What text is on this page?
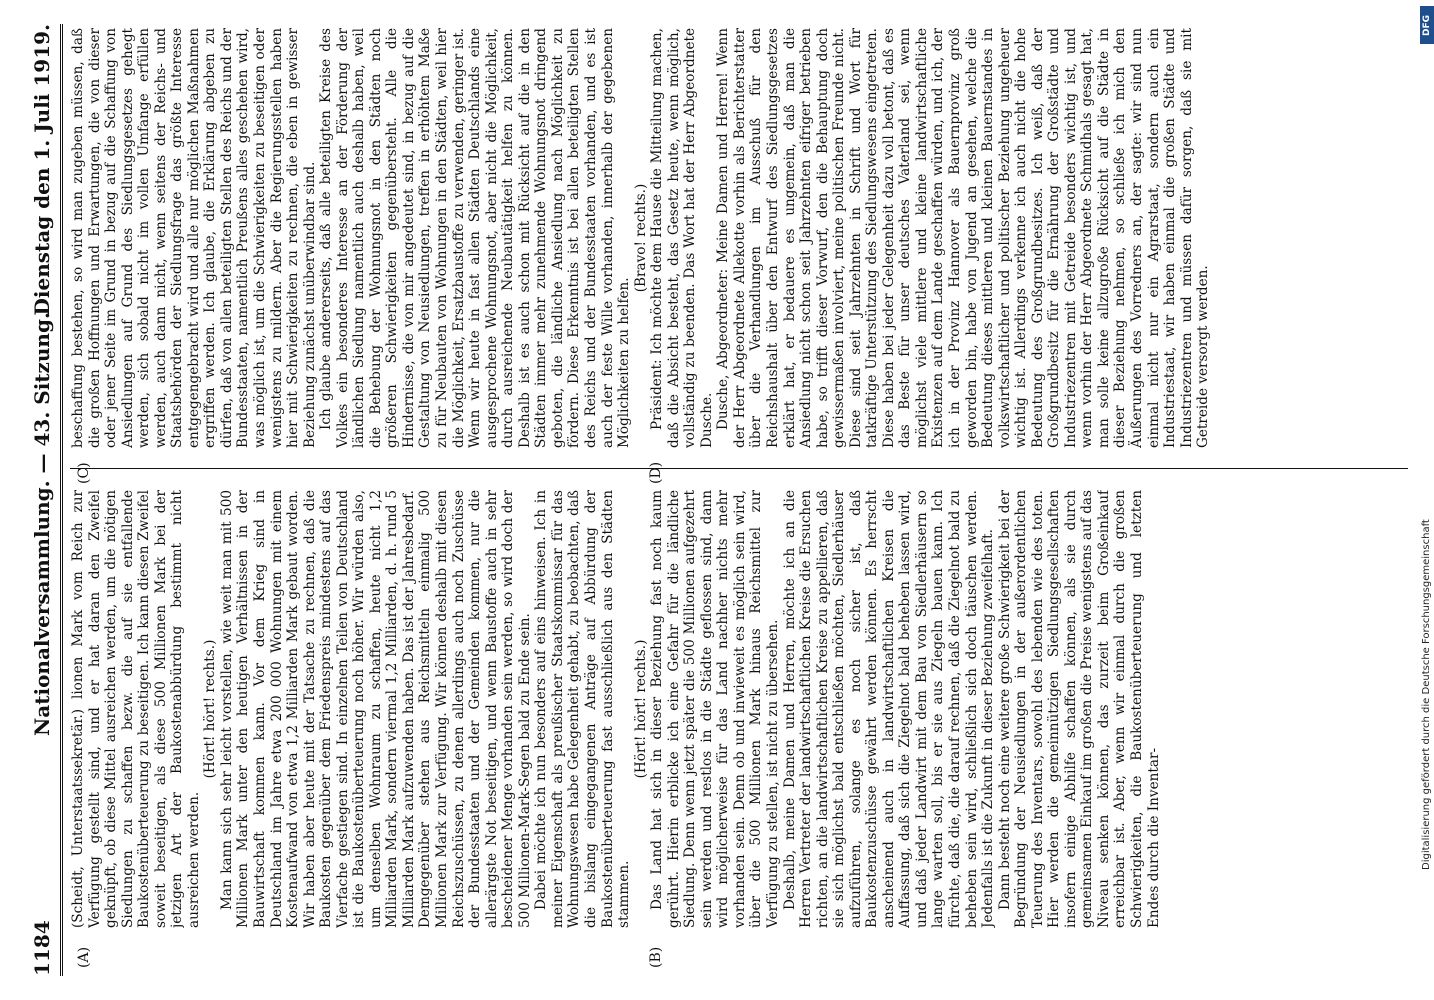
1184
Nationalversammlung. — 43. Sitzung.
Dienstag den 1. Juli 1919.
(A)	(B)
(C)	(D)

(Scheidt, Unterstaatssekretär.) lionen Mark vom Reich zur Verfügung gestellt sind, und er hat daran den Zweifel geknüpft, ob diese Mittel ausreichen werden, um die nötigen Siedlungen zu schaffen bezw. die auf sie entfallende Baukostenüberteuerung zu beseitigen. Ich kann diesen Zweifel soweit beseitigen, als diese 500 Millionen Mark bei der jetzigen Art der Baukostenabbürdung bestimmt nicht ausreichen werden.

(Hört! hört! rechts.) Man kann sich sehr leicht vorstellen, wie weit man mit 500 Millionen Mark unter den heutigen Verhältnissen in der Bauwirtschaft kommen kann. Vor dem Krieg sind in Deutschland im Jahre etwa 200 000 Wohnungen mit einem Kostenaufwand von etwa 1,2 Milliarden Mark gebaut worden. Wir haben aber heute mit der Tatsache zu rechnen, daß die Baukosten gegenüber dem Friedenspreis mindestens auf das Vierfache gestiegen sind. In einzelnen Teilen von Deutschland ist die Baukostenüberteuerung noch höher. Wir würden also, um denselben Wohnraum zu schaffen, heute nicht 1,2 Milliarden Mark, sondern viermal 1,2 Milliarden, d. h. rund 5 Milliarden Mark aufzuwenden haben. Das ist der Jahresbedarf. Demgegenüber stehen aus Reichsmitteln einmalig 500 Millionen Mark zur Verfügung. Wir können deshalb mit diesen Reichszuschüssen, zu denen allerdings auch noch Zuschüsse der Bundesstaaten und der Gemeinden kommen, nur die allerärgste Not beseitigen, und wenn Baustoffe auch in sehr bescheidener Menge vorhanden sein werden, so wird doch der 500 Millionen-Mark-Segen bald zu Ende sein. Dabei möchte ich nun besonders auf eins hinweisen. Ich in meiner Eigenschaft als preußischer Staatskommissar für das Wohnungswesen habe Gelegenheit gehabt, zu beobachten, daß die bislang eingegangenen Anträge auf Abbürdung der Baukostenüberteuerung fast ausschließlich aus den Städten stammen.

(Hört! hört! rechts.) Das Land hat sich in dieser Beziehung fast noch kaum gerührt. Hierin erblicke ich eine Gefahr für die ländliche Siedlung. Denn wenn jetzt später die 500 Millionen aufgezehrt sein werden und restlos in die Städte geflossen sind, dann wird möglicherweise für das Land nachher nichts mehr vorhanden sein. Denn ob und inwieweit es möglich sein wird, über die 500 Millionen Mark hinaus Reichsmittel zur Verfügung zu stellen, ist nicht zu übersehen. Deshalb, meine Damen und Herren, möchte ich an die Herren Vertreter der landwirtschaftlichen Kreise die Ersuchen richten, an die landwirtschaftlichen Kreise zu appellieren, daß sie sich möglichst bald entschließen möchten, Siedlerhäuser aufzuführen, solange es noch sicher ist, daß Baukostenzuschüsse gewährt werden können. Es herrscht anscheinend auch in landwirtschaftlichen Kreisen die Auffassung, daß sich die Ziegelnot bald beheben lassen wird, und daß jeder Landwirt mit dem Bau von Siedlerhäusern so lange warten soll, bis er sie aus Ziegeln bauen kann. Ich fürchte, daß die, die darauf rechnen, daß die Ziegelnot bald zu beheben sein wird, schließlich sich doch täuschen werden. Jedenfalls ist die Zukunft in dieser Beziehung zweifelhaft. Dann besteht noch eine weitere große Schwierigkeit bei der Begründung der Neusiedlungen in der außerordentlichen Teuerung des Inventars, sowohl des lebenden wie des toten. Hier werden die gemeinnützigen Siedlungsgesellschaften insofern einige Abhilfe schaffen können, als sie durch gemeinsamen Einkauf im großen die Preise wenigstens auf das Niveau senken können, das zurzeit beim Großeinkauf erreichbar ist. Aber, wenn wir einmal durch die großen Schwierigkeiten, die Baukostenüberteuerung und letzten Endes durch die Inventar-

beschaffung bestehen, so wird man zugeben müssen, daß die großen Hoffnungen und Erwartungen, die von dieser oder jener Seite im Grund in bezug auf die Schaffung von Ansiedlungen auf Grund des Siedlungsgesetzes gehegt werden, sich sobald nicht im vollen Umfange erfüllen werden, auch dann nicht, wenn seitens der Reichs- und Staatsbehörden der Siedlungsfrage das größte Interesse entgegengebracht wird und alle nur möglichen Maßnahmen ergriffen werden. Ich glaube, die Erklärung abgeben zu dürfen, daß von allen beteiligten Stellen des Reichs und der Bundesstaaten, namentlich Preußens alles geschehen wird, was möglich ist, um die Schwierigkeiten zu beseitigen oder wenigstens zu mildern. Aber die Regierungsstellen haben hier mit Schwierigkeiten zu rechnen, die eben in gewisser Beziehung zunächst unüberwindbar sind. Ich glaube andererseits, daß alle beteiligten Kreise des Volkes ein besonderes Interesse an der Förderung der ländlichen Siedlung namentlich auch deshalb haben, weil die Behebung der Wohnungsnot in den Städten noch größeren Schwierigkeiten gegenübersteht. Alle die Hindernisse, die von mir angedeutet sind, in bezug auf die Gestaltung von Neusiedlungen, treffen in erhöhtem Maße zu für Neubauten von Wohnungen in den Städten, weil hier die Möglichkeit, Ersatzbaustoffe zu verwenden, geringer ist. Wenn wir heute in fast allen Städten Deutschlands eine ausgesprochene Wohnungsnot, aber nicht die Möglichkeit, durch ausreichende Neubautätigkeit helfen zu können. Deshalb ist es auch schon mit Rücksicht auf die in den Städten immer mehr zunehmende Wohnungsnot dringend geboten, die ländliche Ansiedlung nach Möglichkeit zu fördern. Diese Erkenntnis ist bei allen beteiligten Stellen des Reichs und der Bundesstaaten vorhanden, und es ist auch der feste Wille vorhanden, innerhalb der gegebenen Möglichkeiten zu helfen.

(Bravo! rechts.) Präsident: Ich möchte dem Hause die Mitteilung machen, daß die Absicht besteht, das Gesetz heute, wenn möglich, vollständig zu beenden. Das Wort hat der Herr Abgeordnete Dusche. Dusche, Abgeordneter: Meine Damen und Herren! Wenn der Herr Abgeordnete Allekotte vorhin als Berichterstatter über die Verhandlungen im Ausschuß für den Reichshaushalt über den Entwurf des Siedlungsgesetzes erklärt hat, er bedauere es ungemein, daß man die Ansiedlung nicht schon seit Jahrzehnten eifriger betrieben habe, so trifft dieser Vorwurf, den die Behauptung doch gewissermaßen involviert, meine politischen Freunde nicht. Diese sind seit Jahrzehnten in Schrift und Wort für tatkräftige Unterstützung des Siedlungswesens eingetreten. Diese haben bei jeder Gelegenheit dazu voll betont, daß es das Beste für unser deutsches Vaterland sei, wenn möglichst viele mittlere und kleine landwirtschaftliche Existenzen auf dem Lande geschaffen würden, und ich, der ich in der Provinz Hannover als Bauernprovinz groß geworden bin, habe von Jugend an gesehen, welche die Bedeutung dieses mittleren und kleinen Bauernstandes in volkswirtschaftlicher und politischer Beziehung ungeheuer wichtig ist. Allerdings verkenne ich auch nicht die hohe Bedeutung des Großgrundbesitzes. Ich weiß, daß der Großgrundbesitz für die Ernährung der Großstädte und Industriezentren mit Getreide besonders wichtig ist, und wenn vorhin der Herr Abgeordnete Schmidhals gesagt hat, man solle keine allzugroße Rücksicht auf die Städte in dieser Beziehung nehmen, so schließe ich mich den Äußerungen des Vorredners an, der sagte: wir sind nun einmal nicht nur ein Agrarstaat, sondern auch ein Industriestaat, wir haben einmal die großen Städte und Industriezentren und müssen dafür sorgen, daß sie mit Getreide versorgt werden.

DFG
Digitalisierung gefördert durch die Deutsche Forschungsgemeinschaft
